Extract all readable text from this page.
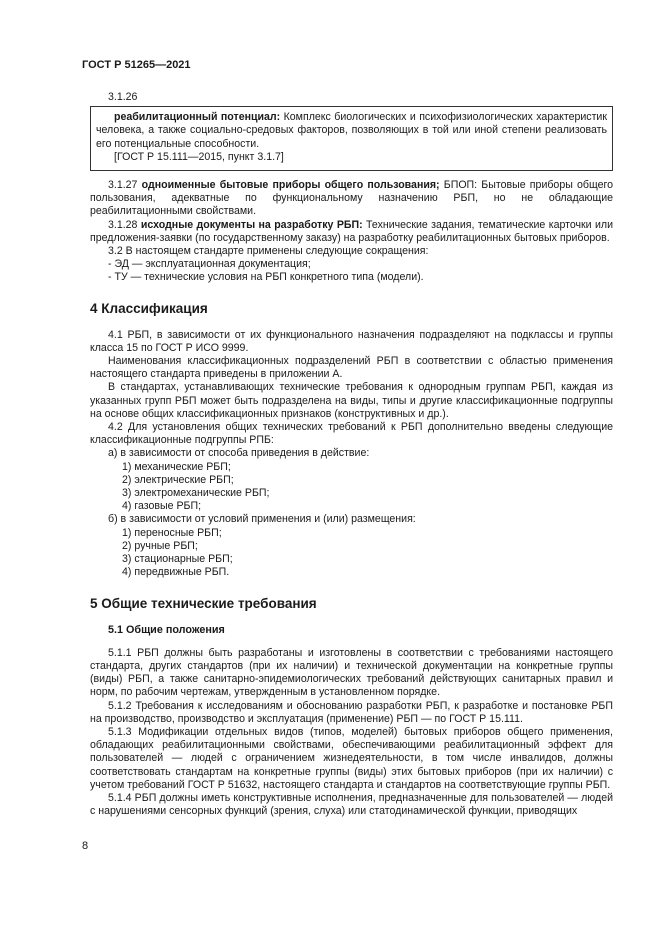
ГОСТ Р 51265—2021
3.1.26

реабилитационный потенциал: Комплекс биологических и психофизиологических характеристик человека, а также социально-средовых факторов, позволяющих в той или иной степени реализовать его потенциальные способности.

[ГОСТ Р 15.111—2015, пункт 3.1.7]

3.1.27 одноименные бытовые приборы общего пользования; БПОП: Бытовые приборы общего пользования, адекватные по функциональному назначению РБП, но не обладающие реабилитационными свойствами.

3.1.28 исходные документы на разработку РБП: Технические задания, тематические карточки или предложения-заявки (по государственному заказу) на разработку реабилитационных бытовых приборов.

3.2 В настоящем стандарте применены следующие сокращения:

- ЭД — эксплуатационная документация;

- ТУ — технические условия на РБП конкретного типа (модели).

4 Классификация

4.1 РБП, в зависимости от их функционального назначения подразделяют на подклассы и группы класса 15 по ГОСТ Р ИСО 9999.

Наименования классификационных подразделений РБП в соответствии с областью применения настоящего стандарта приведены в приложении А.

В стандартах, устанавливающих технические требования к однородным группам РБП, каждая из указанных групп РБП может быть подразделена на виды, типы и другие классификационные подгруппы на основе общих классификационных признаков (конструктивных и др.).

4.2 Для установления общих технических требований к РБП дополнительно введены следующие классификационные подгруппы РПБ:

а) в зависимости от способа приведения в действие:

1) механические РБП;

2) электрические РБП;

3) электромеханические РБП;

4) газовые РБП;

б) в зависимости от условий применения и (или) размещения:

1) переносные РБП;

2) ручные РБП;

3) стационарные РБП;

4) передвижные РБП.

5 Общие технические требования
5.1 Общие положения

5.1.1 РБП должны быть разработаны и изготовлены в соответствии с требованиями настоящего стандарта, других стандартов (при их наличии) и технической документации на конкретные группы (виды) РБП, а также санитарно-эпидемиологических требований действующих санитарных правил и норм, по рабочим чертежам, утвержденным в установленном порядке.

5.1.2 Требования к исследованиям и обоснованию разработки РБП, к разработке и постановке РБП на производство, производство и эксплуатация (применение) РБП — по ГОСТ Р 15.111.

5.1.3 Модификации отдельных видов (типов, моделей) бытовых приборов общего применения, обладающих реабилитационными свойствами, обеспечивающими реабилитационный эффект для пользователей — людей с ограничением жизнедеятельности, в том числе инвалидов, должны соответствовать стандартам на конкретные группы (виды) этих бытовых приборов (при их наличии) с учетом требований ГОСТ Р 51632, настоящего стандарта и стандартов на соответствующие группы РБП.

5.1.4 РБП должны иметь конструктивные исполнения, предназначенные для пользователей — людей с нарушениями сенсорных функций (зрения, слуха) или статодинамической функции, приводящих

8
